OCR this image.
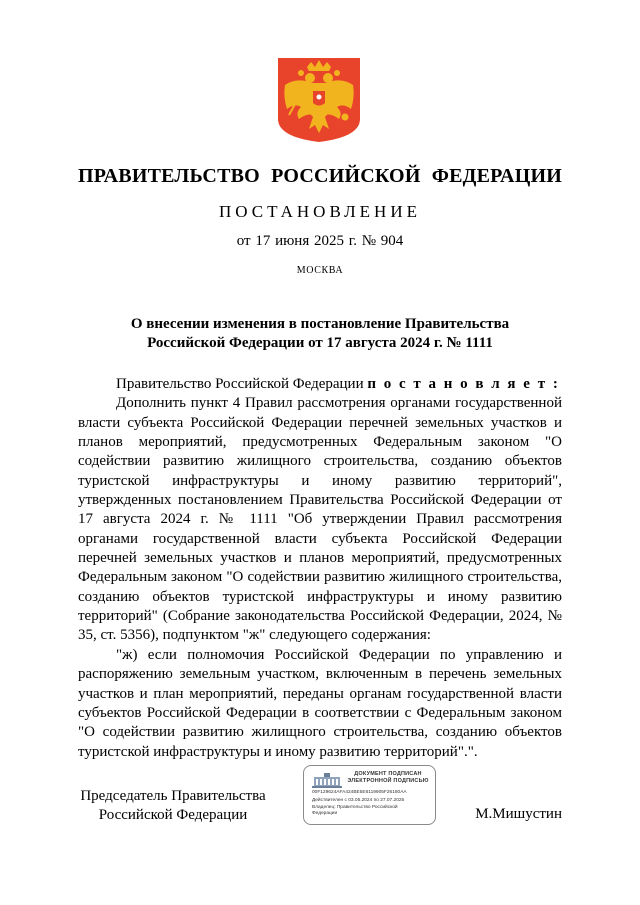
ПРАВИТЕЛЬСТВО РОССИЙСКОЙ ФЕДЕРАЦИИ
ПОСТАНОВЛЕНИЕ
от 17 июня 2025 г. № 904
МОСКВА
О внесении изменения в постановление Правительства
Российской Федерации от 17 августа 2024 г. № 1111

Правительство Российской Федерации п о с т а н о в л я е т :

Дополнить пункт 4 Правил рассмотрения органами государственной власти субъекта Российской Федерации перечней земельных участков и планов мероприятий, предусмотренных Федеральным законом "О содействии развитию жилищного строительства, созданию объектов туристской инфраструктуры и иному развитию территорий", утвержденных постановлением Правительства Российской Федерации от 17 августа 2024 г. № 1111 "Об утверждении Правил рассмотрения органами государственной власти субъекта Российской Федерации перечней земельных участков и планов мероприятий, предусмотренных Федеральным законом "О содействии развитию жилищного строительства, созданию объектов туристской инфраструктуры и иному развитию территорий" (Собрание законодательства Российской Федерации, 2024, № 35, ст. 5356), подпунктом "ж" следующего содержания:

"ж) если полномочия Российской Федерации по управлению и распоряжению земельным участком, включенным в перечень земельных участков и план мероприятий, переданы органам государственной власти субъектов Российской Федерации в соответствии с Федеральным законом "О содействии развитию жилищного строительства, созданию объектов туристской инфраструктуры и иному развитию территорий".".

Председатель Правительства
Российской Федерации
ДОКУМЕНТ ПОДПИСАН
ЭЛЕКТРОННОЙ ПОДПИСЬЮ
00F129624AFA424BE5E6119905F26180AA
Действителен с 03.05.2024 по 27.07.2025
Владелец: Правительство Российской
Федерации	М.Мишустин
